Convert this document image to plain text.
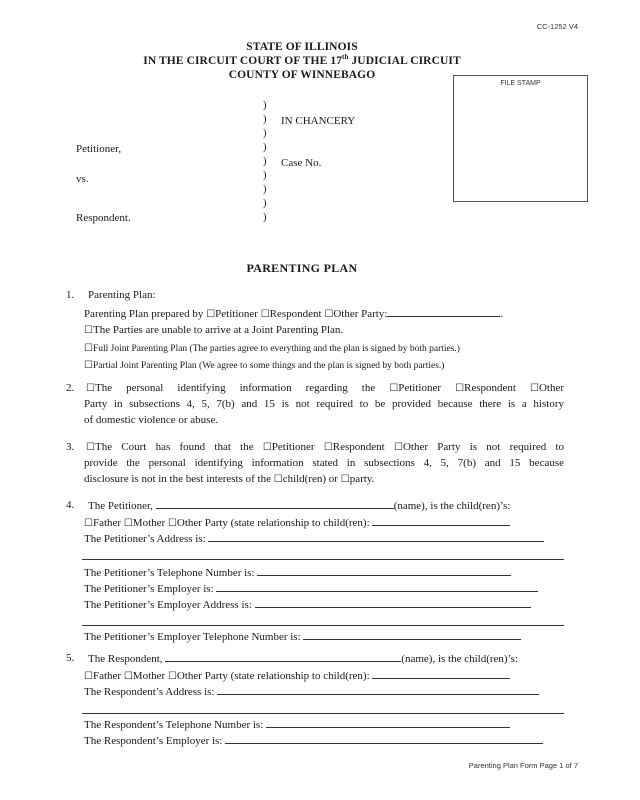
CC-1252 V4
STATE OF ILLINOIS
IN THE CIRCUIT COURT OF THE 17th JUDICIAL CIRCUIT
COUNTY OF WINNEBAGO
FILE STAMP
Petitioner,
vs.
Respondent.
)
)
)
)
)
)
)
)
)
IN CHANCERY
Case No.
PARENTING PLAN
1. Parenting Plan:
Parenting Plan prepared by ☐Petitioner ☐Respondent ☐Other Party:	.
☐The Parties are unable to arrive at a Joint Parenting Plan.
☐Full Joint Parenting Plan (The parties agree to everything and the plan is signed by both parties.)
☐Partial Joint Parenting Plan (We agree to some things and the plan is signed by both parties.)
2. ☐The personal identifying information regarding the ☐Petitioner ☐Respondent ☐Other
Party in subsections 4, 5, 7(b) and 15 is not required to be provided because there is a history
of domestic violence or abuse.
3. ☐The Court has found that the ☐Petitioner ☐Respondent ☐Other Party is not required to
provide the personal identifying information stated in subsections 4, 5, 7(b) and 15 because
disclosure is not in the best interests of the ☐child(ren) or ☐party.
4. The Petitioner,	(name), is the child(ren)’s:
☐Father ☐Mother ☐Other Party (state relationship to child(ren):
The Petitioner’s Address is:
The Petitioner’s Telephone Number is:
The Petitioner’s Employer is:
The Petitioner’s Employer Address is:
The Petitioner’s Employer Telephone Number is:
5. The Respondent,	(name), is the child(ren)’s:
☐Father ☐Mother ☐Other Party (state relationship to child(ren):
The Respondent’s Address is:
The Respondent’s Telephone Number is:
The Respondent’s Employer is:
Parenting Plan Form Page 1 of 7
